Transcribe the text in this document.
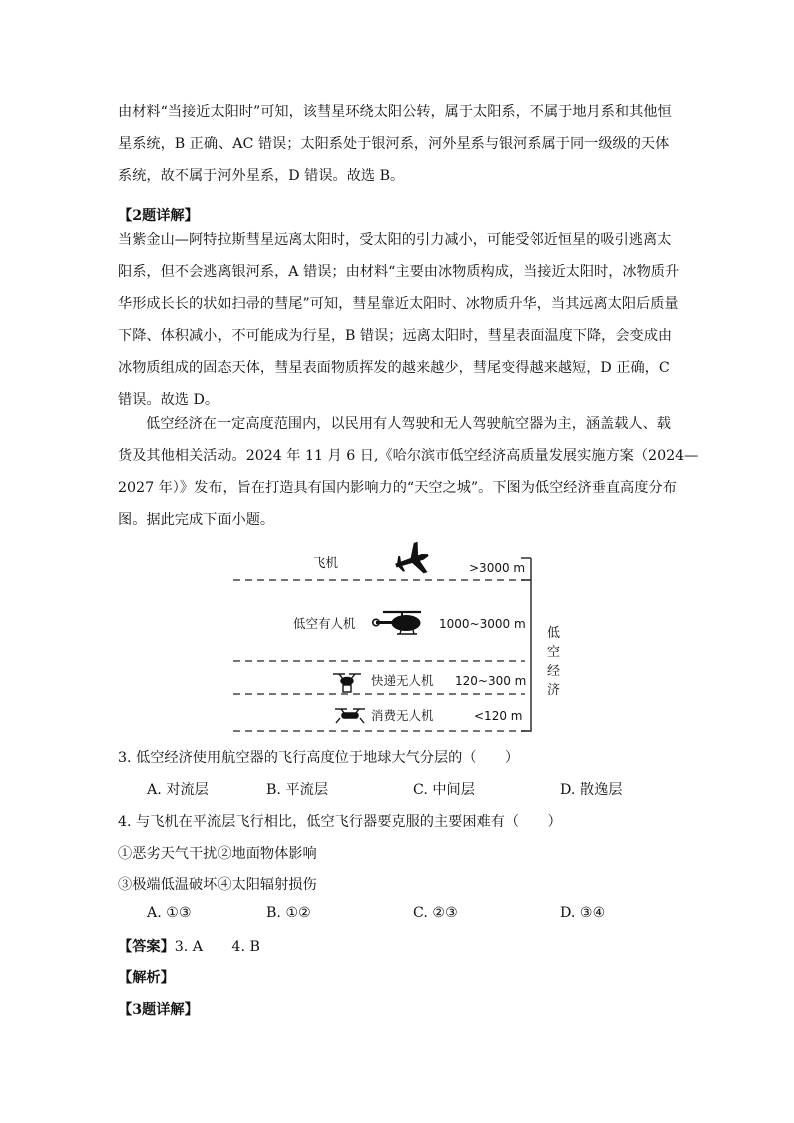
由材料“当接近太阳时”可知，该彗星环绕太阳公转，属于太阳系，不属于地月系和其他恒
星系统，B 正确、AC 错误；太阳系处于银河系，河外星系与银河系属于同一级级的天体
系统，故不属于河外星系，D 错误。故选 B。
【2题详解】
当紫金山—阿特拉斯彗星远离太阳时，受太阳的引力减小，可能受邻近恒星的吸引逃离太
阳系，但不会逃离银河系，A 错误；由材料“主要由冰物质构成，当接近太阳时，冰物质升
华形成长长的状如扫帚的彗尾”可知，彗星靠近太阳时、冰物质升华，当其远离太阳后质量
下降、体积减小，不可能成为行星，B 错误；远离太阳时，彗星表面温度下降，会变成由
冰物质组成的固态天体，彗星表面物质挥发的越来越少，彗尾变得越来越短，D 正确，C
错误。故选 D。
低空经济在一定高度范围内，以民用有人驾驶和无人驾驶航空器为主，涵盖载人、载
货及其他相关活动。2024 年 11 月 6 日,《哈尔滨市低空经济高质量发展实施方案（2024—
2027 年）》发布，旨在打造具有国内影响力的“天空之城”。下图为低空经济垂直高度分布
图。据此完成下面小题。
飞机	>3000 m
低空有人机	1000~3000 m
快递无人机 120~300 m
消费无人机	<120 m
低
空
经
济
3. 低空经济使用航空器的飞行高度位于地球大气分层的（　　）
A. 对流层	B. 平流层	C. 中间层	D. 散逸层
4. 与飞机在平流层飞行相比，低空飞行器要克服的主要困难有（　　）
①恶劣天气干扰②地面物体影响
③极端低温破坏④太阳辐射损伤
A. ①③	B. ①②	C. ②③	D. ③④
【答案】3. A　　4. B
【解析】
【3题详解】
